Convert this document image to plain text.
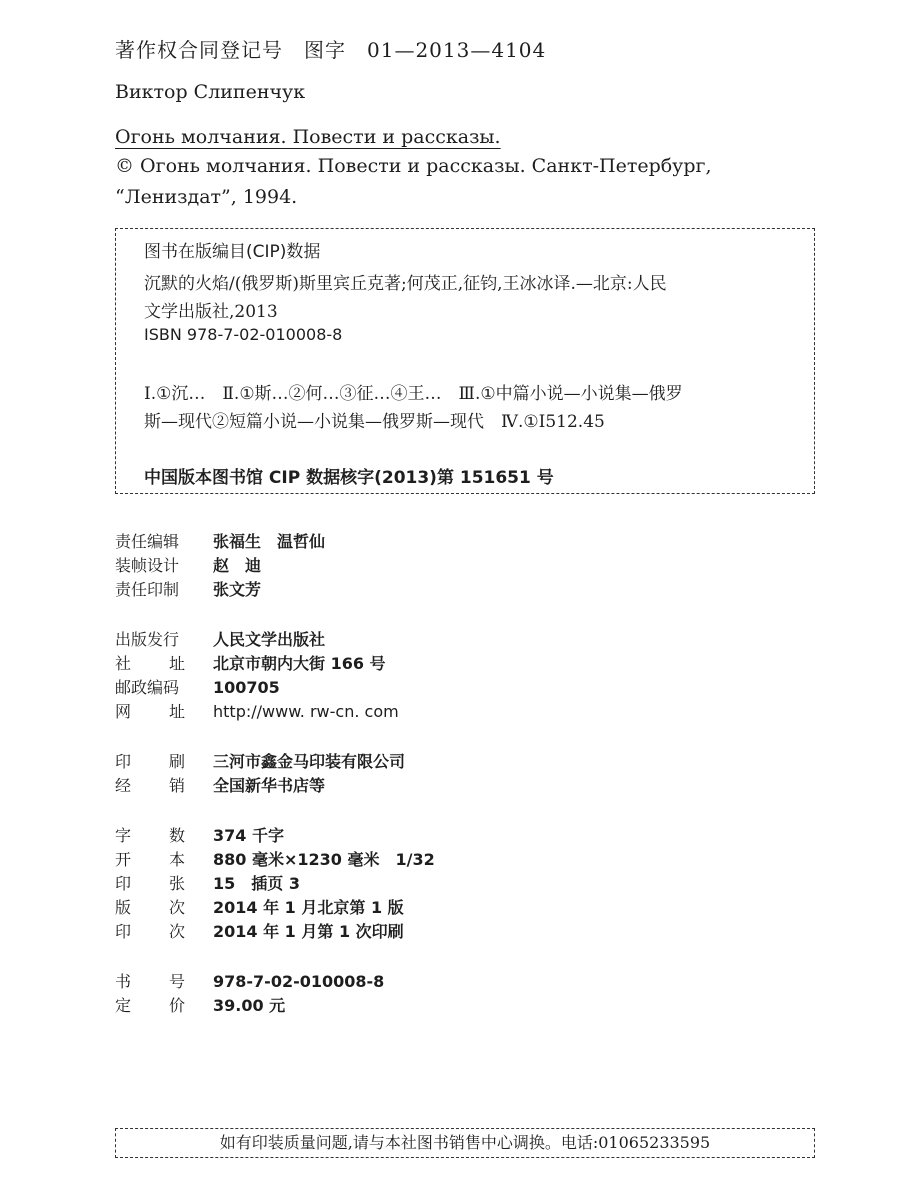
著作权合同登记号　图字　01—2013—4104
Виктор Слипенчук
Огонь молчания. Повести и рассказы.
© Огонь молчания. Повести и рассказы. Санкт-Петербург,
“Лениздат”, 1994.
图书在版编目(CIP)数据
沉默的火焰/(俄罗斯)斯里宾丘克著;何茂正,征钧,王冰冰译.—北京:人民
文学出版社,2013
ISBN 978-7-02-010008-8
Ⅰ.①沉…　Ⅱ.①斯…②何…③征…④王…　Ⅲ.①中篇小说—小说集—俄罗
斯—现代②短篇小说—小说集—俄罗斯—现代　Ⅳ.①I512.45
中国版本图书馆 CIP 数据核字(2013)第 151651 号
责任编辑	张福生　温哲仙
装帧设计	赵　迪
责任印制	张文芳
出版发行	人民文学出版社
社 址 北京市朝内大街 166 号
邮政编码	100705
网 址 http://www. rw-cn. com
印 刷 三河市鑫金马印装有限公司
经 销 全国新华书店等
字 数 374 千字
开 本 880 毫米×1230 毫米　1/32
印 张 15　插页 3
版 次 2014 年 1 月北京第 1 版
印 次 2014 年 1 月第 1 次印刷
书 号 978-7-02-010008-8
定 价 39.00 元
如有印装质量问题,请与本社图书销售中心调换。电话:01065233595
